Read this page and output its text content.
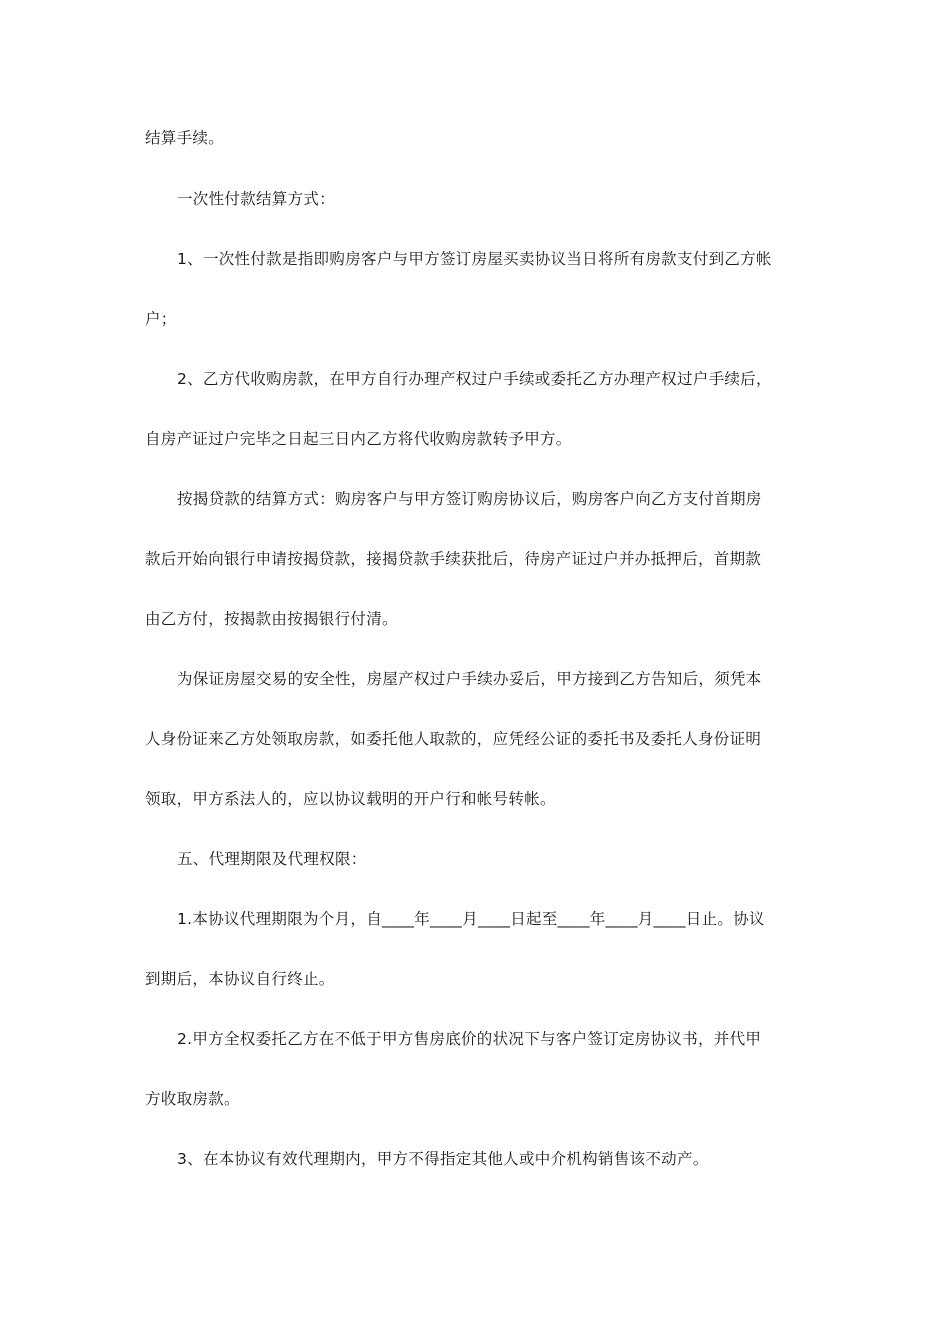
结算手续。
一次性付款结算方式：
1、一次性付款是指即购房客户与甲方签订房屋买卖协议当日将所有房款支付到乙方帐
户；
2、乙方代收购房款，在甲方自行办理产权过户手续或委托乙方办理产权过户手续后，
自房产证过户完毕之日起三日内乙方将代收购房款转予甲方。
按揭贷款的结算方式：购房客户与甲方签订购房协议后，购房客户向乙方支付首期房
款后开始向银行申请按揭贷款，接揭贷款手续获批后，待房产证过户并办抵押后，首期款
由乙方付，按揭款由按揭银行付清。
为保证房屋交易的安全性，房屋产权过户手续办妥后，甲方接到乙方告知后，须凭本
人身份证来乙方处领取房款，如委托他人取款的，应凭经公证的委托书及委托人身份证明
领取，甲方系法人的，应以协议载明的开户行和帐号转帐。
五、代理期限及代理权限：
1.本协议代理期限为个月，自____年____月____日起至____年____月____日止。协议
到期后，本协议自行终止。
2.甲方全权委托乙方在不低于甲方售房底价的状况下与客户签订定房协议书，并代甲
方收取房款。
3、在本协议有效代理期内，甲方不得指定其他人或中介机构销售该不动产。
